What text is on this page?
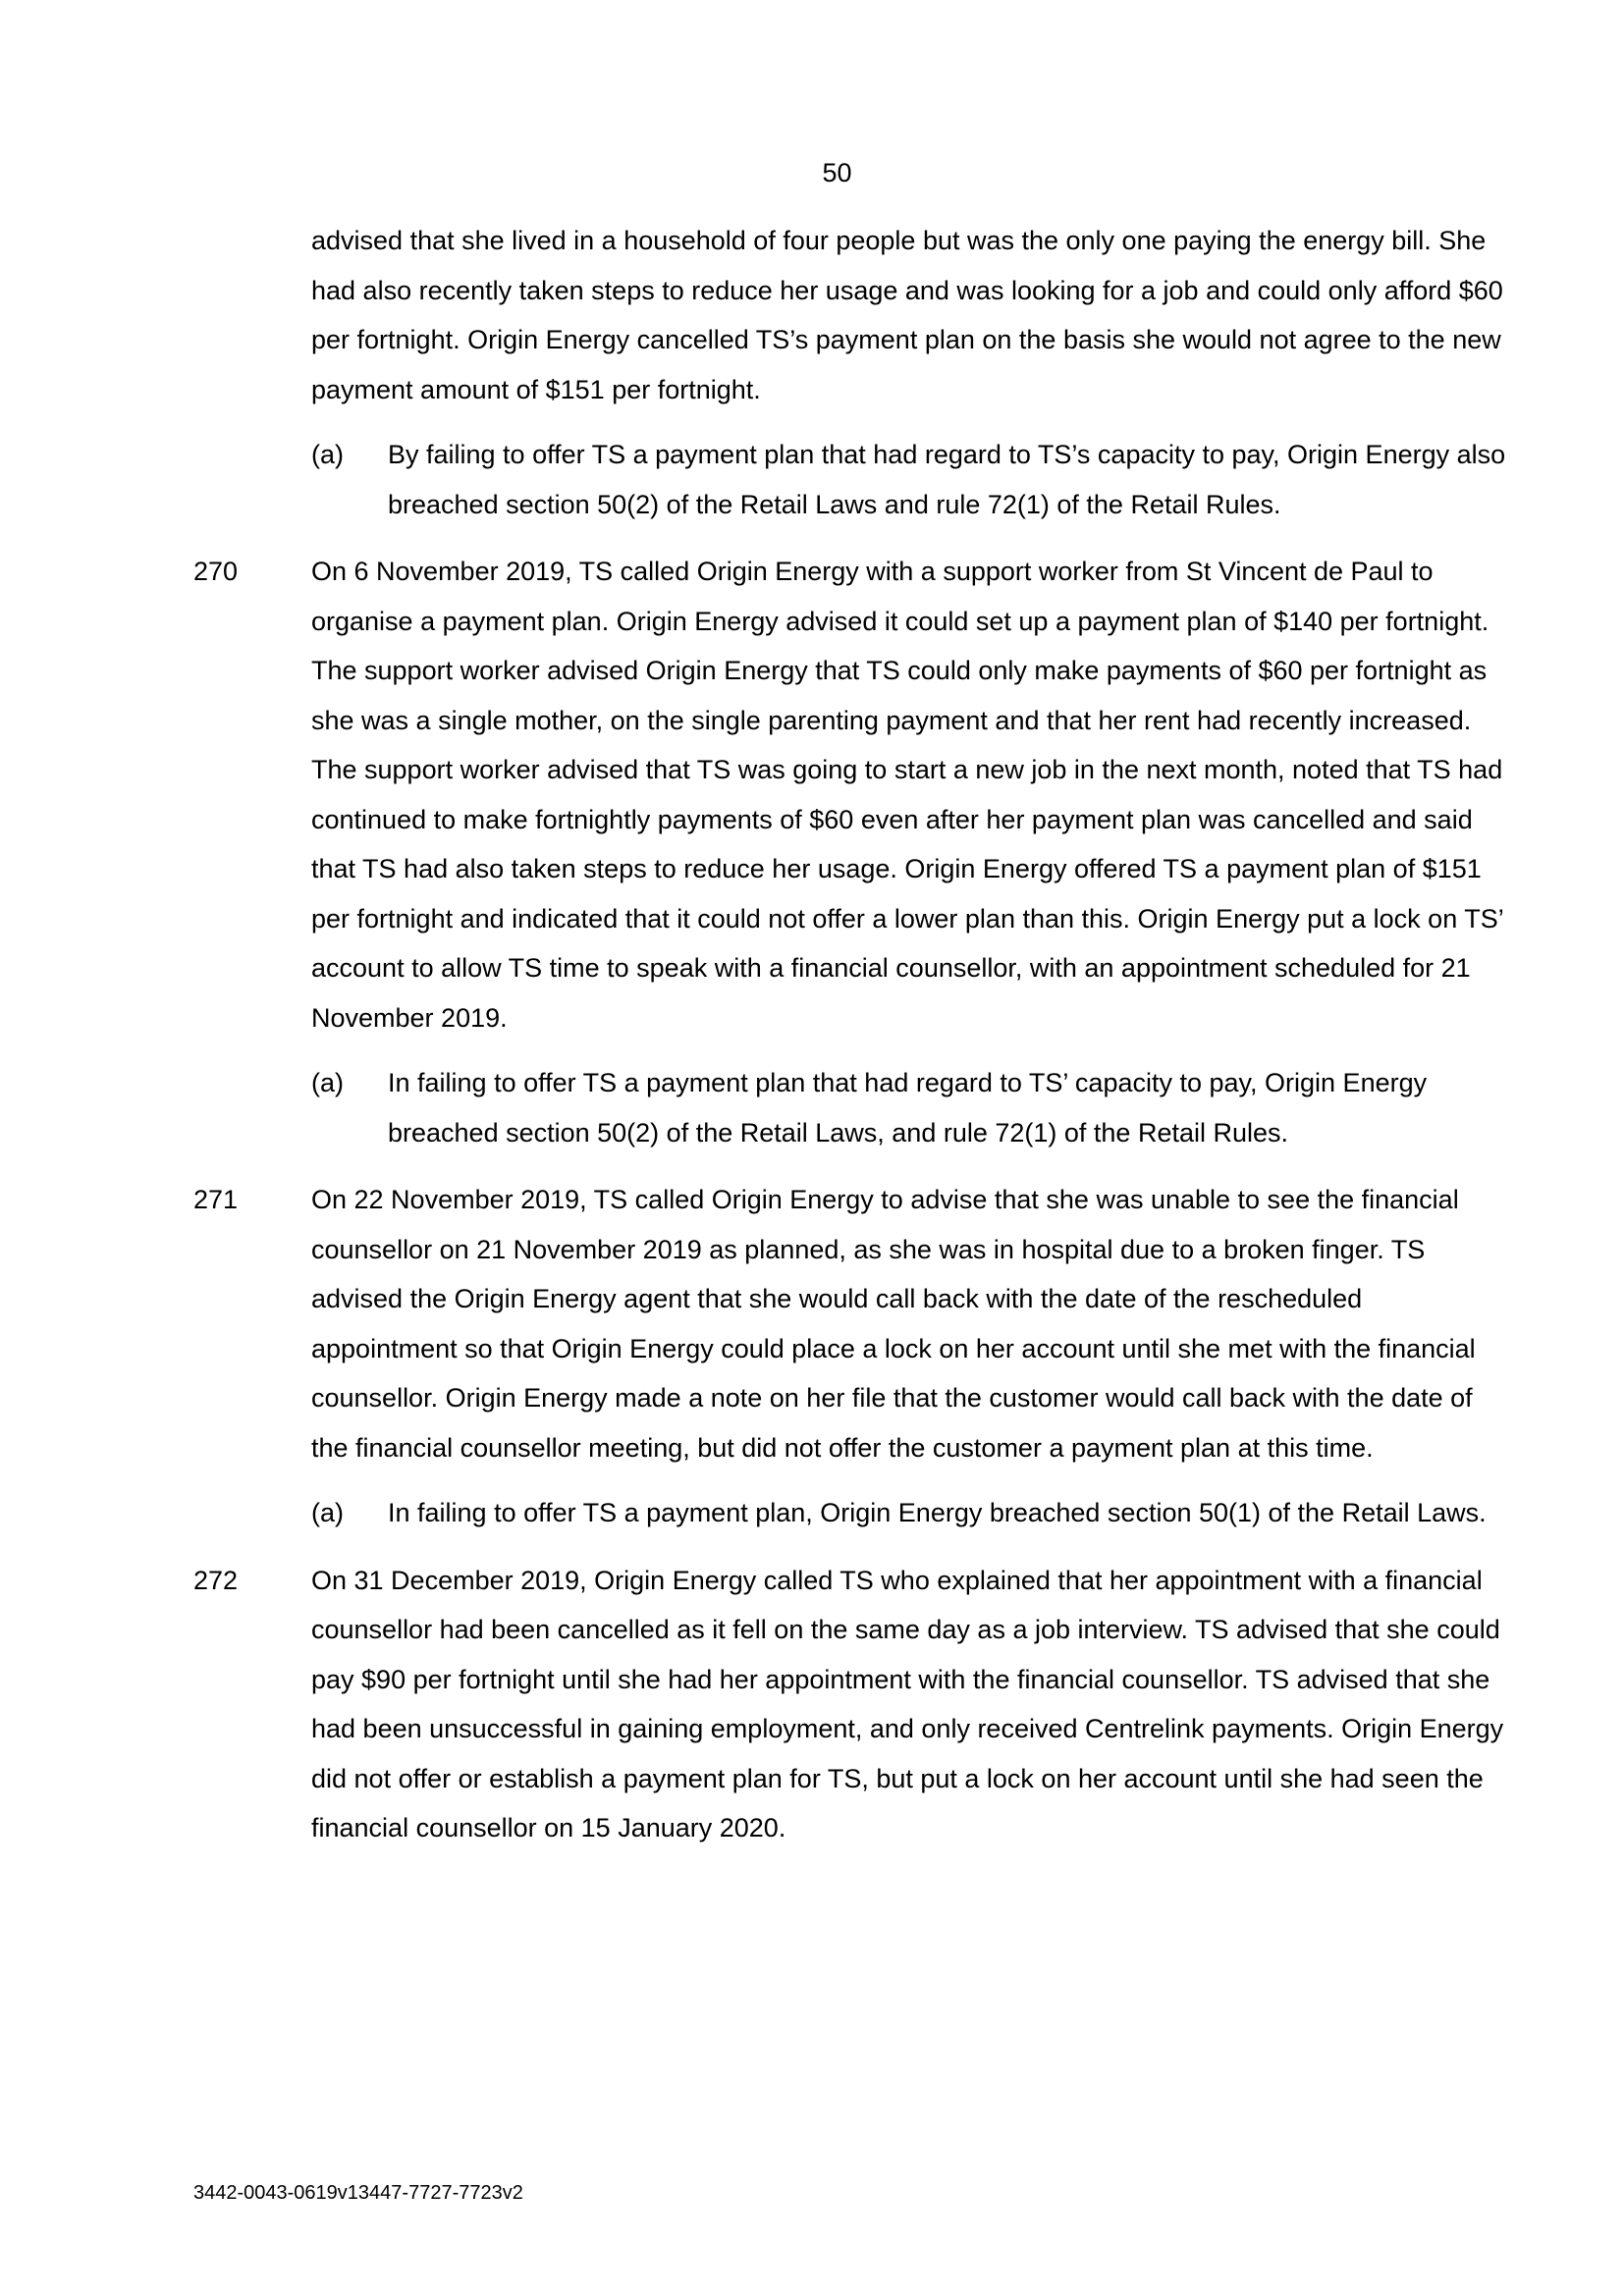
50

advised that she lived in a household of four people but was the only one paying the energy bill. She had also recently taken steps to reduce her usage and was looking for a job and could only afford $60 per fortnight. Origin Energy cancelled TS’s payment plan on the basis she would not agree to the new payment amount of $151 per fortnight.

(a) By failing to offer TS a payment plan that had regard to TS’s capacity to pay, Origin Energy also breached section 50(2) of the Retail Laws and rule 72(1) of the Retail Rules.

270	On 6 November 2019, TS called Origin Energy with a support worker from St Vincent de Paul to organise a payment plan. Origin Energy advised it could set up a payment plan of $140 per fortnight. The support worker advised Origin Energy that TS could only make payments of $60 per fortnight as she was a single mother, on the single parenting payment and that her rent had recently increased. The support worker advised that TS was going to start a new job in the next month, noted that TS had continued to make fortnightly payments of $60 even after her payment plan was cancelled and said that TS had also taken steps to reduce her usage. Origin Energy offered TS a payment plan of $151 per fortnight and indicated that it could not offer a lower plan than this. Origin Energy put a lock on TS’ account to allow TS time to speak with a financial counsellor, with an appointment scheduled for 21 November 2019.

(a) In failing to offer TS a payment plan that had regard to TS’ capacity to pay, Origin Energy breached section 50(2) of the Retail Laws, and rule 72(1) of the Retail Rules.

271	On 22 November 2019, TS called Origin Energy to advise that she was unable to see the financial counsellor on 21 November 2019 as planned, as she was in hospital due to a broken finger. TS advised the Origin Energy agent that she would call back with the date of the rescheduled appointment so that Origin Energy could place a lock on her account until she met with the financial counsellor. Origin Energy made a note on her file that the customer would call back with the date of the financial counsellor meeting, but did not offer the customer a payment plan at this time.

(a) In failing to offer TS a payment plan, Origin Energy breached section 50(1) of the Retail Laws.

272	On 31 December 2019, Origin Energy called TS who explained that her appointment with a financial counsellor had been cancelled as it fell on the same day as a job interview. TS advised that she could pay $90 per fortnight until she had her appointment with the financial counsellor. TS advised that she had been unsuccessful in gaining employment, and only received Centrelink payments. Origin Energy did not offer or establish a payment plan for TS, but put a lock on her account until she had seen the financial counsellor on 15 January 2020.

3442-0043-0619v13447-7727-7723v2
